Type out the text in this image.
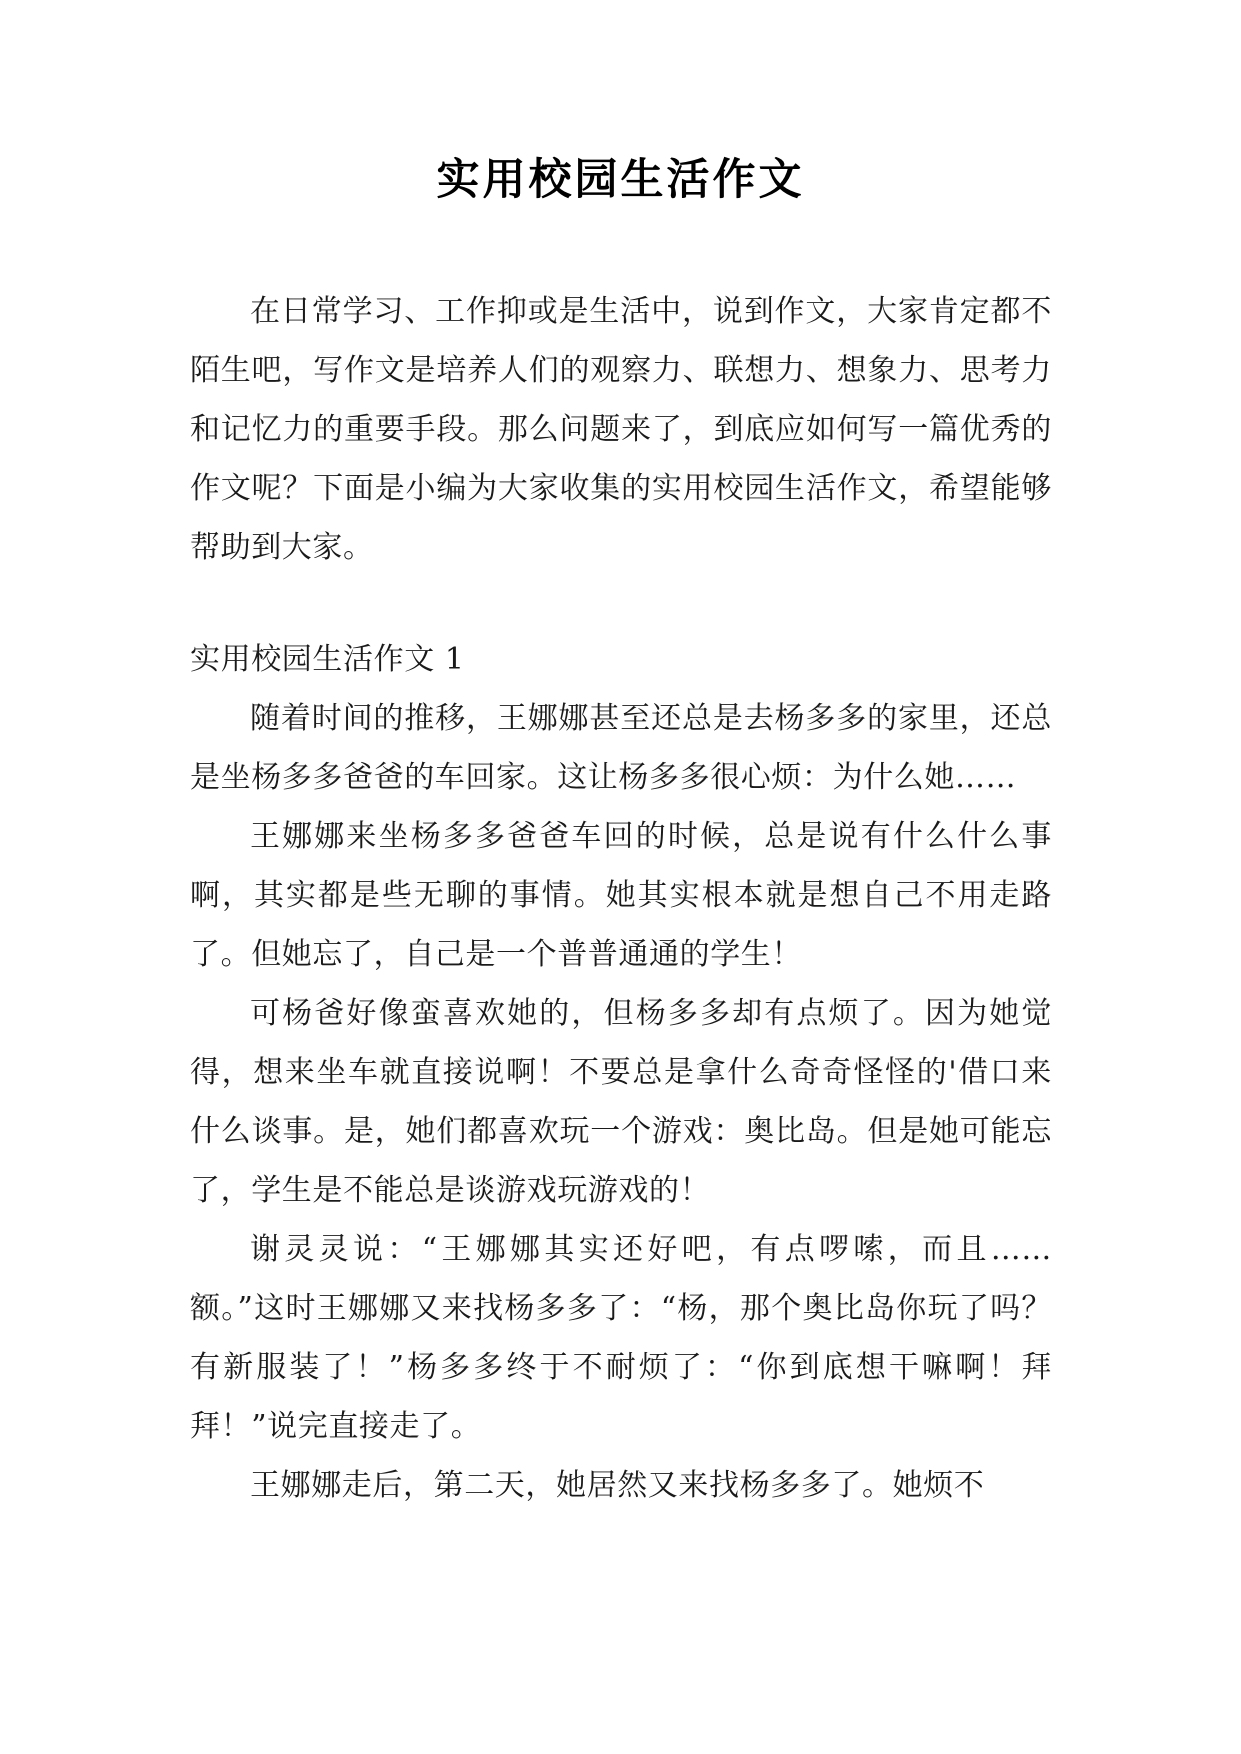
实用校园生活作文

在日常学习、工作抑或是生活中，说到作文，大家肯定都不陌生吧，写作文是培养人们的观察力、联想力、想象力、思考力和记忆力的重要手段。那么问题来了，到底应如何写一篇优秀的作文呢？下面是小编为大家收集的实用校园生活作文，希望能够帮助到大家。

实用校园生活作文 1

随着时间的推移，王娜娜甚至还总是去杨多多的家里，还总是坐杨多多爸爸的车回家。这让杨多多很心烦：为什么她……

王娜娜来坐杨多多爸爸车回的时候，总是说有什么什么事啊，其实都是些无聊的事情。她其实根本就是想自己不用走路了。但她忘了，自己是一个普普通通的学生！

可杨爸好像蛮喜欢她的，但杨多多却有点烦了。因为她觉得，想来坐车就直接说啊！不要总是拿什么奇奇怪怪的'借口来什么谈事。是，她们都喜欢玩一个游戏：奥比岛。但是她可能忘了，学生是不能总是谈游戏玩游戏的！

谢灵灵说：“王娜娜其实还好吧，有点啰嗦，而且……额。”这时王娜娜又来找杨多多了：“杨，那个奥比岛你玩了吗？有新服装了！”杨多多终于不耐烦了：“你到底想干嘛啊！拜拜！”说完直接走了。

王娜娜走后，第二天，她居然又来找杨多多了。她烦不
